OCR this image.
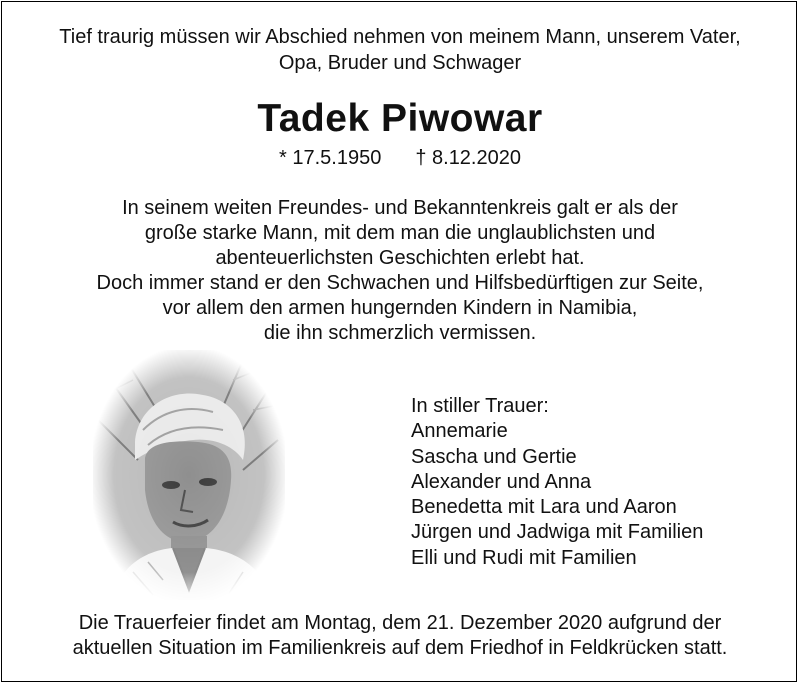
Tief traurig müssen wir Abschied nehmen von meinem Mann, unserem Vater,
Opa, Bruder und Schwager
Tadek Piwowar
* 17.5.1950 † 8.12.2020
In seinem weiten Freundes- und Bekanntenkreis galt er als der
große starke Mann, mit dem man die unglaublichsten und
abenteuerlichsten Geschichten erlebt hat.
Doch immer stand er den Schwachen und Hilfsbedürftigen zur Seite,
vor allem den armen hungernden Kindern in Namibia,
die ihn schmerzlich vermissen.
In stiller Trauer:
Annemarie
Sascha und Gertie
Alexander und Anna
Benedetta mit Lara und Aaron
Jürgen und Jadwiga mit Familien
Elli und Rudi mit Familien
Die Trauerfeier findet am Montag, dem 21. Dezember 2020 aufgrund der
aktuellen Situation im Familienkreis auf dem Friedhof in Feldkrücken statt.
